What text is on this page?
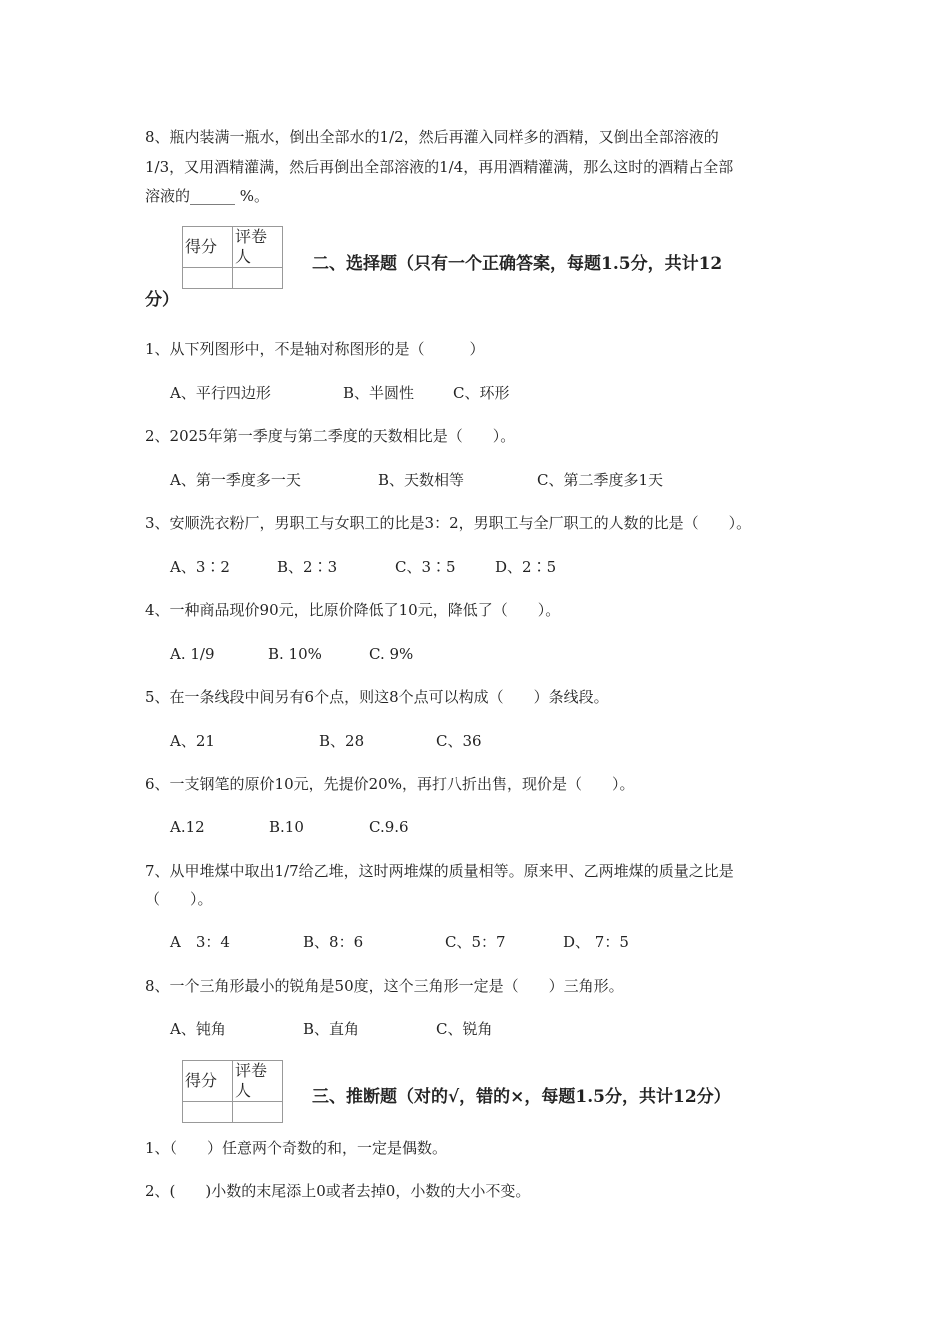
8、瓶内装满一瓶水，倒出全部水的1/2，然后再灌入同样多的酒精，又倒出全部溶液的
1/3，又用酒精灌满，然后再倒出全部溶液的1/4，再用酒精灌满，那么这时的酒精占全部
溶液的______ %。
得分	评卷人
		二、选择题（只有一个正确答案，每题1.5分，共计12
分）
1、从下列图形中，不是轴对称图形的是（　　　）

A、平行四边形

	B、半圆性

	C、环形

2、2025年第一季度与第二季度的天数相比是（　　）。

A、第一季度多一天

	B、天数相等

	C、第二季度多1天

3、安顺洗衣粉厂，男职工与女职工的比是3：2，男职工与全厂职工的人数的比是（　　）。

A、3∶2

	B、2∶3

	C、3∶5

	D、2∶5

4、一种商品现价90元，比原价降低了10元，降低了（　　）。

A. 1/9

	B. 10%

	C. 9%

5、在一条线段中间另有6个点，则这8个点可以构成（　　）条线段。

A、21

	B、28

	C、36

6、一支钢笔的原价10元，先提价20%，再打八折出售，现价是（　　）。

A.12

	B.10

	C.9.6

7、从甲堆煤中取出1/7给乙堆，这时两堆煤的质量相等。原来甲、乙两堆煤的质量之比是
（　　）。

A　3：4

	B、8：6

	C、5：7

	D、 7：5

8、一个三角形最小的锐角是50度，这个三角形一定是（　　）三角形。

A、钝角

	B、直角

	C、锐角

得分	评卷人
		三、推断题（对的√，错的×，每题1.5分，共计12分）
1、（　　）任意两个奇数的和，一定是偶数。
2、(　　)小数的末尾添上0或者去掉0，小数的大小不变。
